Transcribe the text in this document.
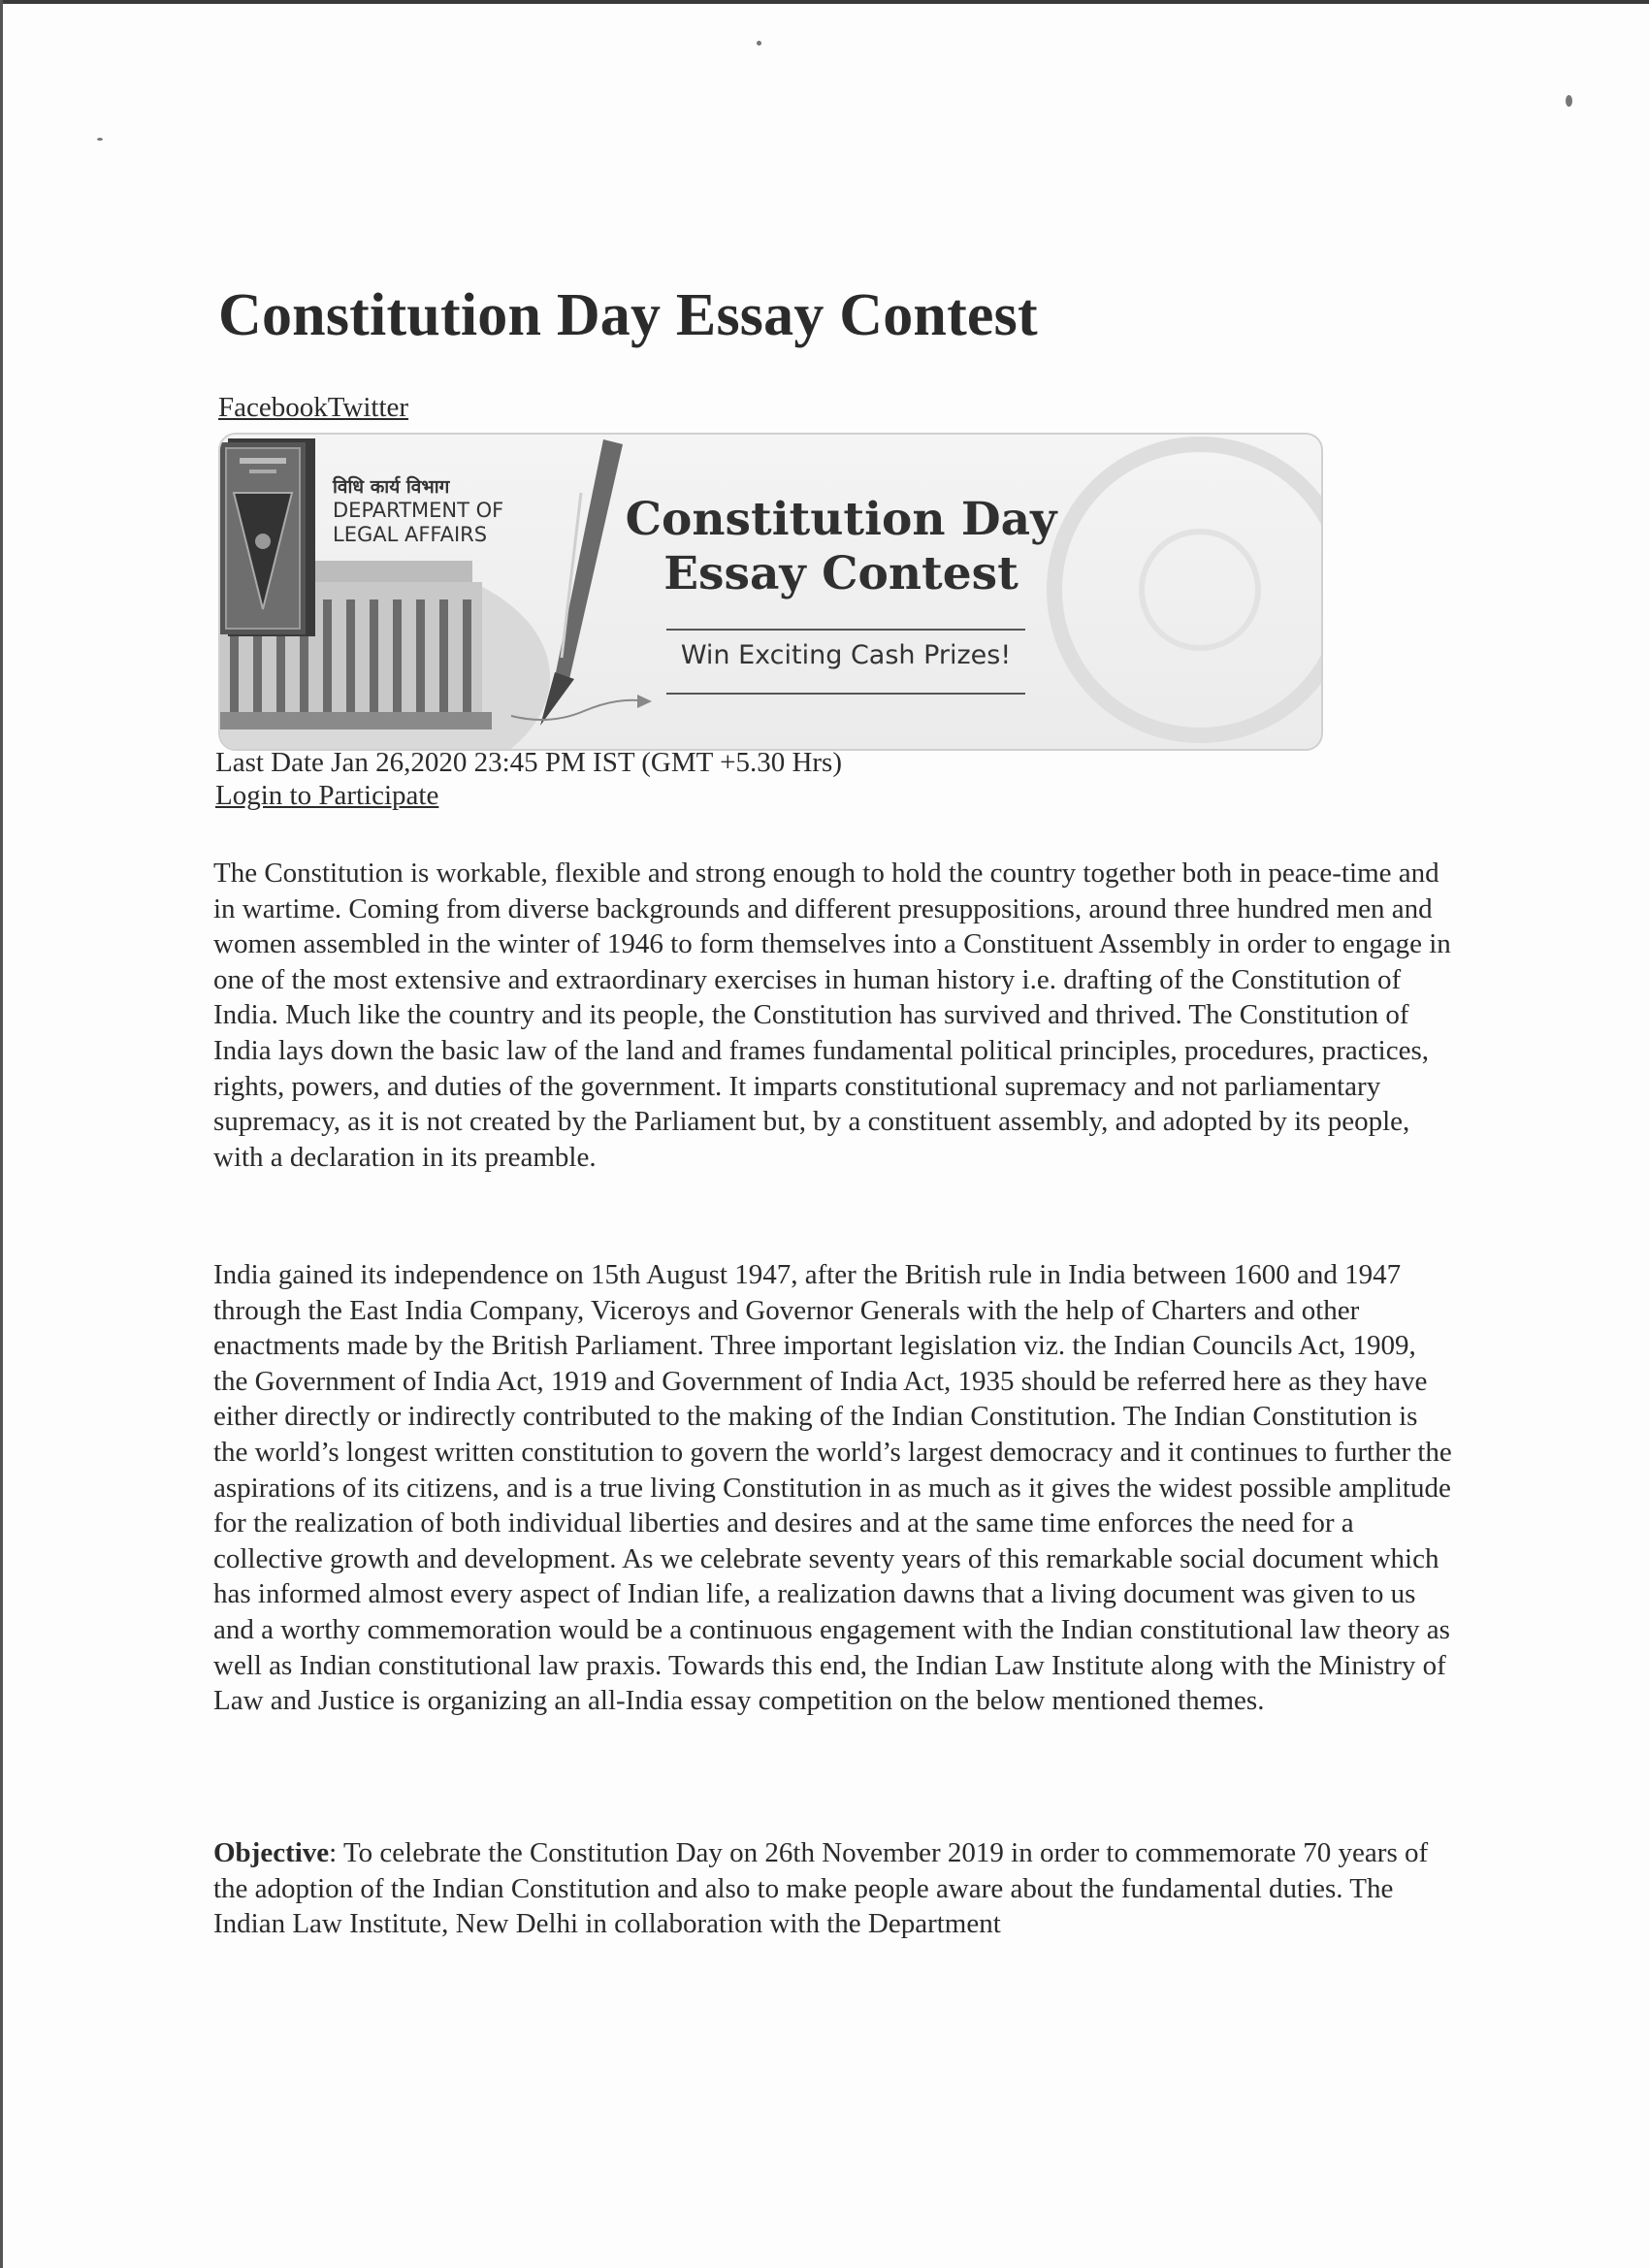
Constitution Day Essay Contest
FacebookTwitter
विधि कार्य विभाग
DEPARTMENT OF LEGAL AFFAIRS	Constitution Day
Essay Contest
Win Exciting Cash Prizes!
Last Date Jan 26,2020 23:45 PM IST (GMT +5.30 Hrs)
Login to Participate

The Constitution is workable, flexible and strong enough to hold the country together both in peace-time and in wartime. Coming from diverse backgrounds and different presuppositions, around three hundred men and women assembled in the winter of 1946 to form themselves into a Constituent Assembly in order to engage in one of the most extensive and extraordinary exercises in human history i.e. drafting of the Constitution of India. Much like the country and its people, the Constitution has survived and thrived. The Constitution of India lays down the basic law of the land and frames fundamental political principles, procedures, practices, rights, powers, and duties of the government. It imparts constitutional supremacy and not parliamentary supremacy, as it is not created by the Parliament but, by a constituent assembly, and adopted by its people, with a declaration in its preamble.

India gained its independence on 15th August 1947, after the British rule in India between 1600 and 1947 through the East India Company, Viceroys and Governor Generals with the help of Charters and other enactments made by the British Parliament. Three important legislation viz. the Indian Councils Act, 1909, the Government of India Act, 1919 and Government of India Act, 1935 should be referred here as they have either directly or indirectly contributed to the making of the Indian Constitution. The Indian Constitution is the world’s longest written constitution to govern the world’s largest democracy and it continues to further the aspirations of its citizens, and is a true living Constitution in as much as it gives the widest possible amplitude for the realization of both individual liberties and desires and at the same time enforces the need for a collective growth and development. As we celebrate seventy years of this remarkable social document which has informed almost every aspect of Indian life, a realization dawns that a living document was given to us and a worthy commemoration would be a continuous engagement with the Indian constitutional law theory as well as Indian constitutional law praxis. Towards this end, the Indian Law Institute along with the Ministry of Law and Justice is organizing an all-India essay competition on the below mentioned themes.

Objective: To celebrate the Constitution Day on 26th November 2019 in order to commemorate 70 years of the adoption of the Indian Constitution and also to make people aware about the fundamental duties. The Indian Law Institute, New Delhi in collaboration with the Department
